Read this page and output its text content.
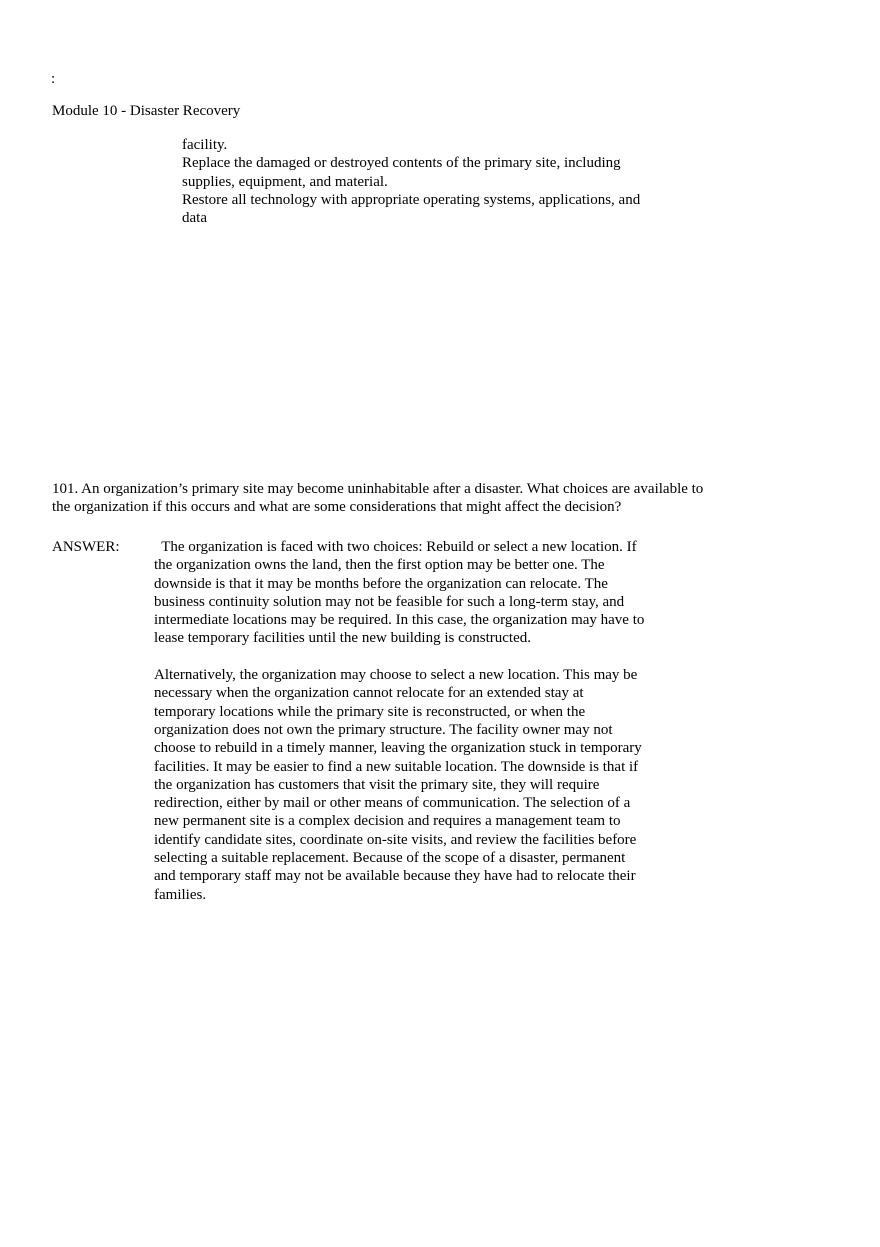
:

Module 10 - Disaster Recovery

facility.
Replace the damaged or destroyed contents of the primary site, including
supplies, equipment, and material.
Restore all technology with appropriate operating systems, applications, and
data
101. An organization’s primary site may become uninhabitable after a disaster. What choices are available to
the organization if this occurs and what are some considerations that might affect the decision?

ANSWER: The organization is faced with two choices: Rebuild or select a new location. If
the organization owns the land, then the first option may be better one. The
downside is that it may be months before the organization can relocate. The
business continuity solution may not be feasible for such a long-term stay, and
intermediate locations may be required. In this case, the organization may have to
lease temporary facilities until the new building is constructed.
Alternatively, the organization may choose to select a new location. This may be
necessary when the organization cannot relocate for an extended stay at
temporary locations while the primary site is reconstructed, or when the
organization does not own the primary structure. The facility owner may not
choose to rebuild in a timely manner, leaving the organization stuck in temporary
facilities. It may be easier to find a new suitable location. The downside is that if
the organization has customers that visit the primary site, they will require
redirection, either by mail or other means of communication. The selection of a
new permanent site is a complex decision and requires a management team to
identify candidate sites, coordinate on-site visits, and review the facilities before
selecting a suitable replacement. Because of the scope of a disaster, permanent
and temporary staff may not be available because they have had to relocate their
families.
